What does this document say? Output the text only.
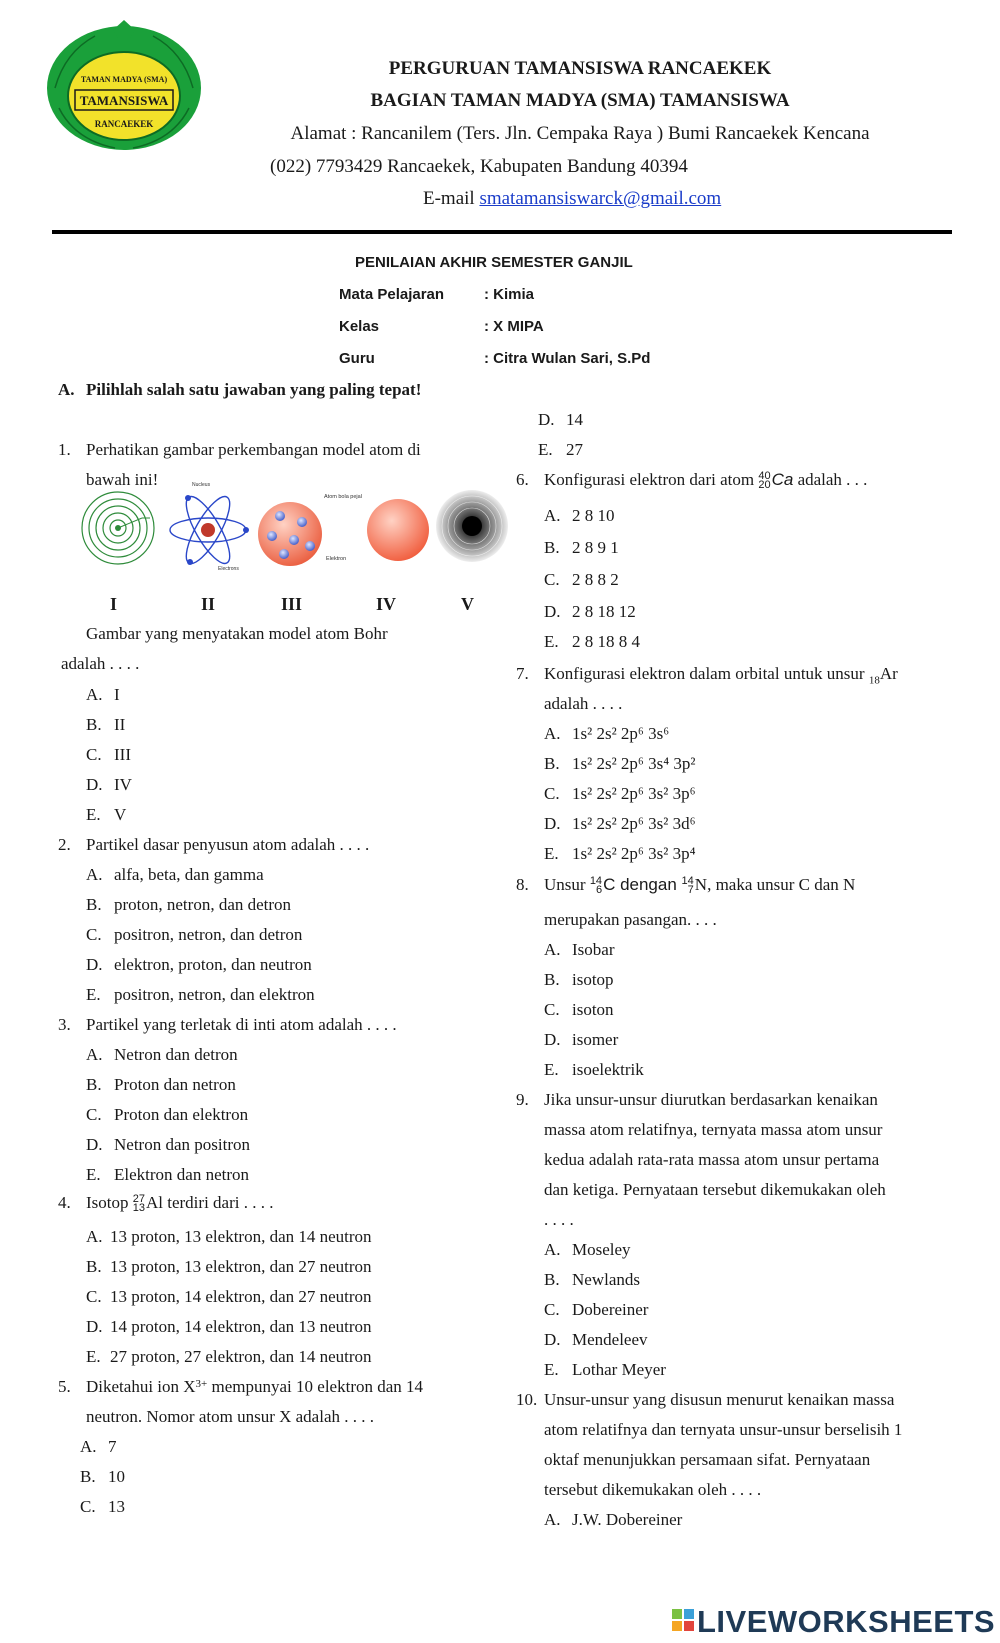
TAMANSISWA
TAMAN MADYA (SMA)
RANCAEKEK
PERGURUAN TAMANSISWA RANCAEKEK
BAGIAN TAMAN MADYA (SMA) TAMANSISWA
Alamat : Rancanilem (Ters. Jln. Cempaka Raya ) Bumi Rancaekek Kencana
(022) 7793429 Rancaekek, Kabupaten Bandung 40394
E-mail smatamansiswarck@gmail.com
PENILAIAN AKHIR SEMESTER GANJIL
Mata Pelajaran	: Kimia
Kelas	: X MIPA
Guru	: Citra Wulan Sari, S.Pd
A. Pilihlah salah satu jawaban yang paling tepat!
1. Perhatikan gambar perkembangan model atom di
bawah ini!	Nucleus
Electrons
Atom bola pejal
Elektron
I	II	III	IV	V
Gambar yang menyatakan model atom Bohr
adalah . . . .
A. I
B. II
C. III
D. IV
E. V
2. Partikel dasar penyusun atom adalah . . . .
A. alfa, beta, dan gamma
B. proton, netron, dan detron
C. positron, netron, dan detron
D. elektron, proton, dan neutron
E. positron, netron, dan elektron
3. Partikel yang terletak di inti atom adalah . . . .
A. Netron dan detron
B. Proton dan netron
C. Proton dan elektron
D. Netron dan positron
E. Elektron dan netron
4. Isotop 27
13 Al terdiri dari . . . .
A. 13 proton, 13 elektron, dan 14 neutron
B. 13 proton, 13 elektron, dan 27 neutron
C. 13 proton, 14 elektron, dan 27 neutron
D. 14 proton, 14 elektron, dan 13 neutron
E. 27 proton, 27 elektron, dan 14 neutron
5. Diketahui ion $X^{3+}$ mempunyai 10 elektron dan 14
neutron. Nomor atom unsur X adalah . . . .
A. 7
B. 10
C. 13
D. 14
E. 27
6. Konfigurasi elektron dari atom 40
20 Ca adalah . . .
A. 2 8 10
B. 2 8 9 1
C. 2 8 8 2
D. 2 8 18 12
E. 2 8 18 8 4
7. Konfigurasi elektron dalam orbital untuk unsur $_{18}$Ar
adalah . . . .
A. 1s² 2s² 2p⁶ 3s⁶
B. 1s² 2s² 2p⁶ 3s⁴ 3p²
C. 1s² 2s² 2p⁶ 3s² 3p⁶
D. 1s² 2s² 2p⁶ 3s² 3d⁶
E. 1s² 2s² 2p⁶ 3s² 3p⁴
8. Unsur 14
6 C dengan 14
7 N, maka unsur C dan N
merupakan pasangan. . . .
A. Isobar
B. isotop
C. isoton
D. isomer
E. isoelektrik
9. Jika unsur-unsur diurutkan berdasarkan kenaikan
massa atom relatifnya, ternyata massa atom unsur
kedua adalah rata-rata massa atom unsur pertama
dan ketiga. Pernyataan tersebut dikemukakan oleh
. . . .
A. Moseley
B. Newlands
C. Dobereiner
D. Mendeleev
E. Lothar Meyer
10. Unsur-unsur yang disusun menurut kenaikan massa
atom relatifnya dan ternyata unsur-unsur berselisih 1
oktaf menunjukkan persamaan sifat. Pernyataan
tersebut dikemukakan oleh . . . .
A. J.W. Dobereiner
LIVEWORKSHEETS
